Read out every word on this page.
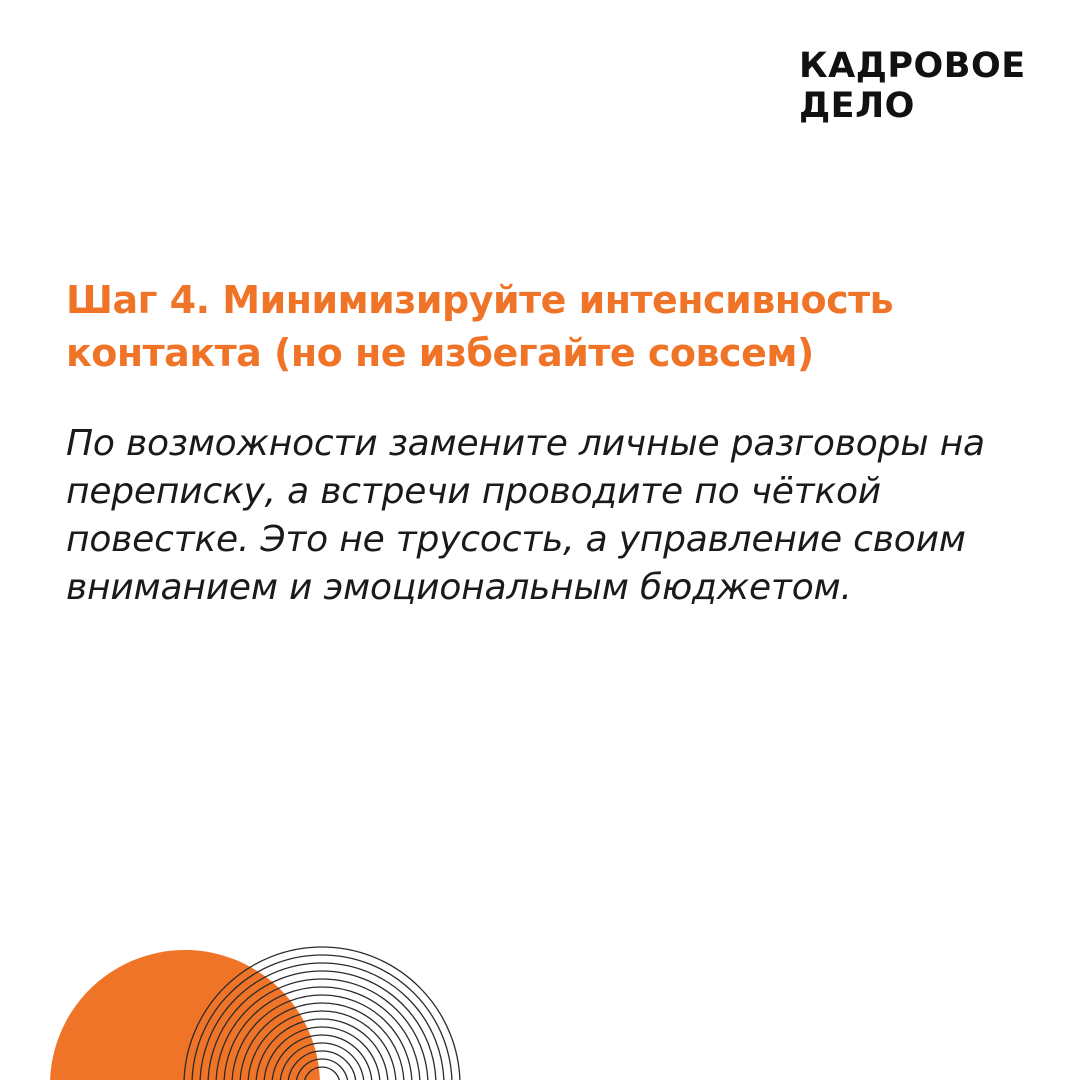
КАДРОВОЕ
ДЕЛО
Шаг 4. Минимизируйте интенсивность контакта (но не избегайте совсем)

По возможности замените личные разговоры на переписку, а встречи проводите по чёткой повестке. Это не трусость, а управление своим вниманием и эмоциональным бюджетом.
